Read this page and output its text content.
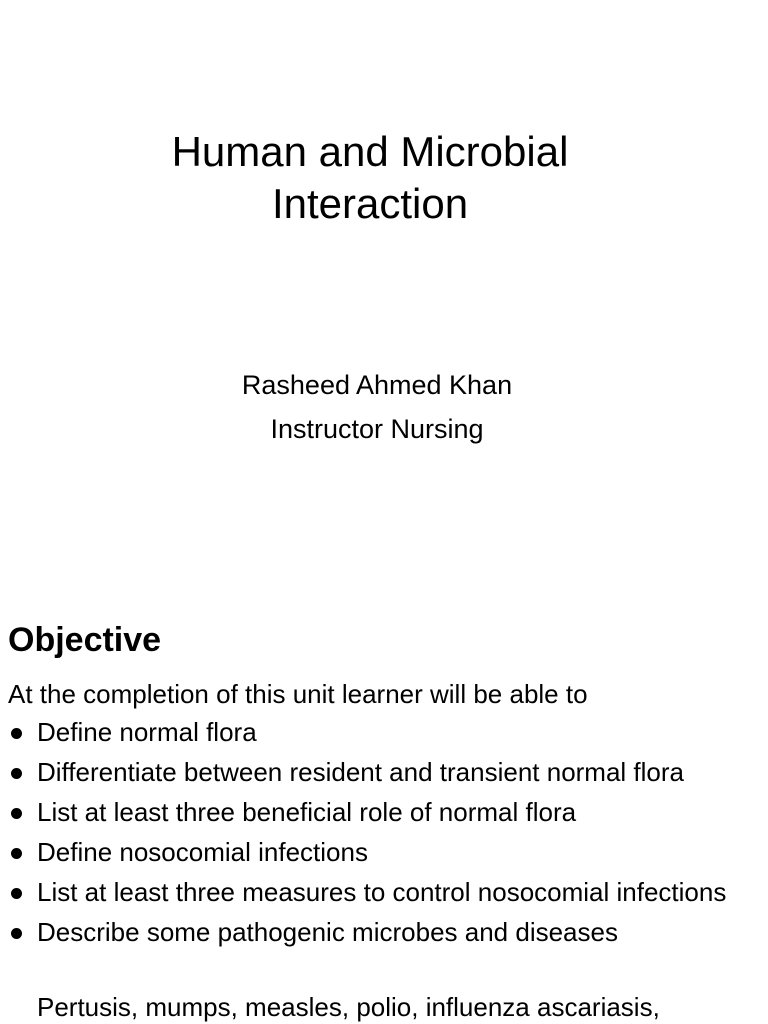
Human and Microbial
Interaction
Rasheed Ahmed Khan
Instructor Nursing
Objective
At the completion of this unit learner will be able to
Define normal flora
Differentiate between resident and transient normal flora
List at least three beneficial role of normal flora
Define nosocomial infections
List at least three measures to control nosocomial infections
Describe some pathogenic microbes and diseases
Pertusis, mumps, measles, polio, influenza ascariasis,
